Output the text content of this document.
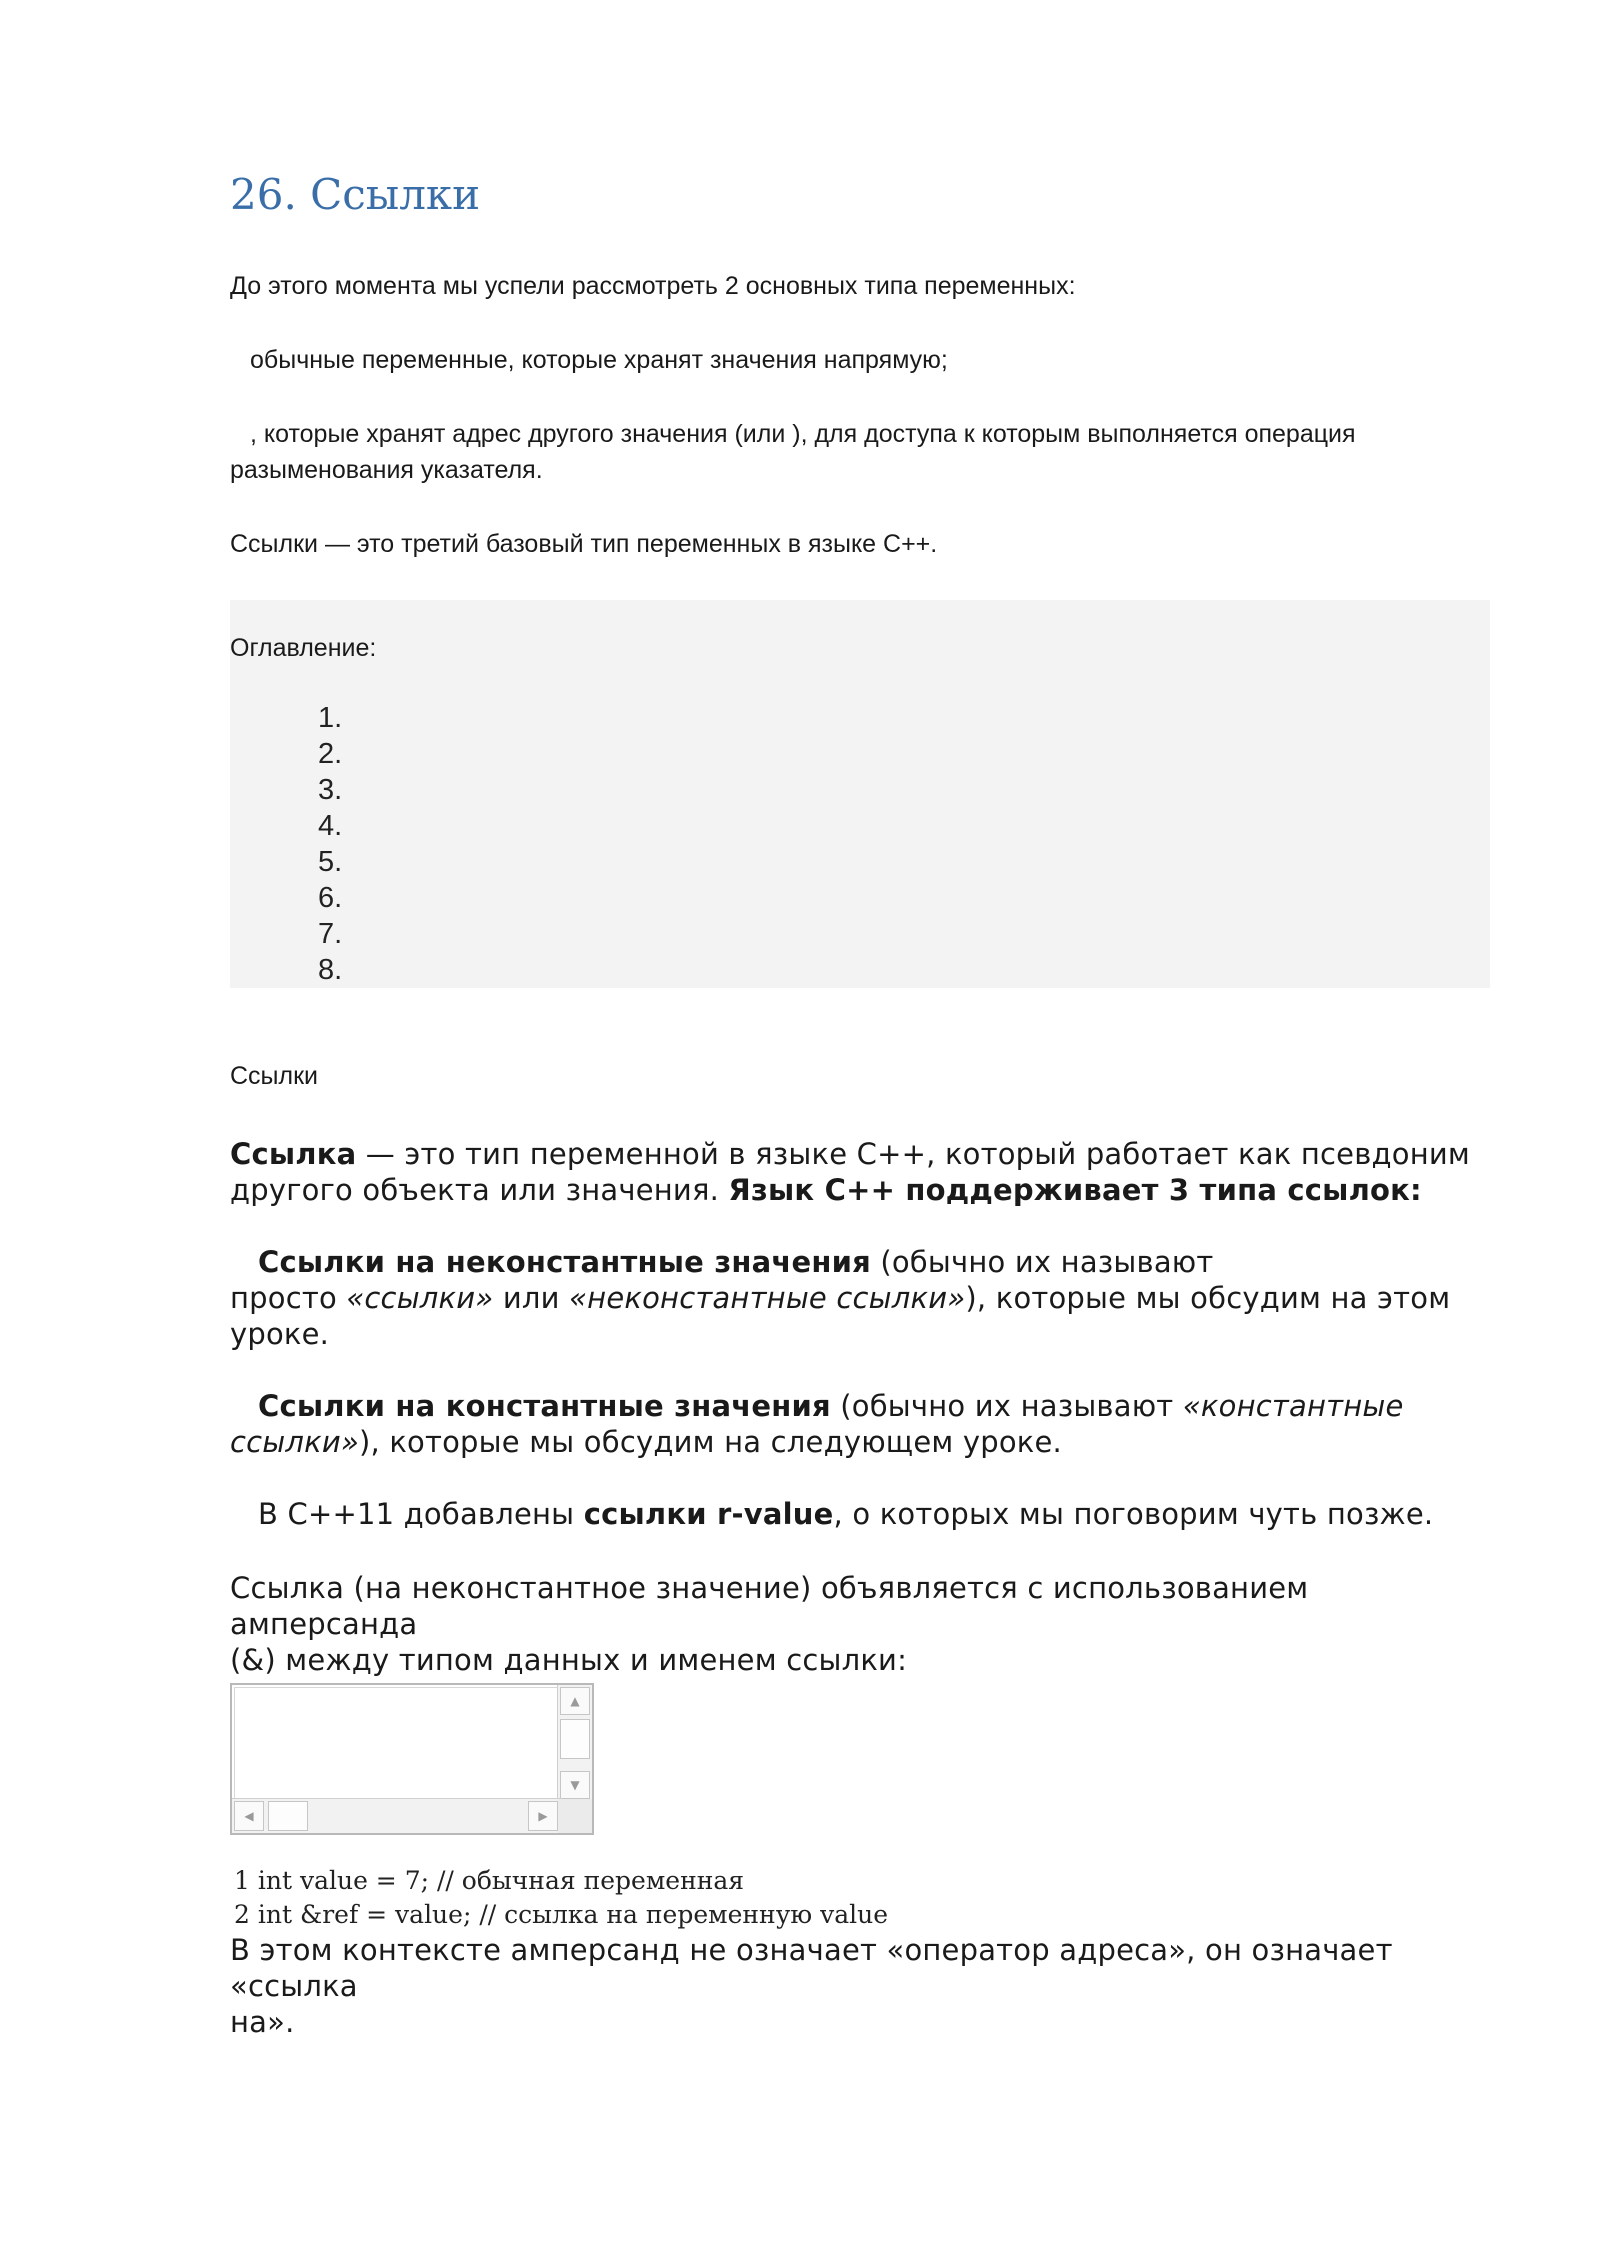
26. Ссылки

До этого момента мы успели рассмотреть 2 основных типа переменных:

обычные переменные, которые хранят значения напрямую;

, которые хранят адрес другого значения (или ), для доступа к которым выполняется операция

разыменования указателя.

Ссылки — это третий базовый тип переменных в языке C++.

Оглавление:

1.
2.
3.
4.
5.
6.
7.
8.

Ссылки

Ссылка — это тип переменной в языке C++, который работает как псевдоним
другого объекта или значения. Язык C++ поддерживает 3 типа ссылок:

Ссылки на неконстантные значения (обычно их называют
просто «ссылки» или «неконстантные ссылки»), которые мы обсудим на этом
уроке.

Ссылки на константные значения (обычно их называют «константные
ссылки»), которые мы обсудим на следующем уроке.

В C++11 добавлены ссылки r-value, о которых мы поговорим чуть позже.

Ссылка (на неконстантное значение) объявляется с использованием амперсанда
(&) между типом данных и именем ссылки:

▲
▼
◀	▶

1 int value = 7; // обычная переменная

2 int &ref = value; // ссылка на переменную value

В этом контексте амперсанд не означает «оператор адреса», он означает «ссылка
на».
